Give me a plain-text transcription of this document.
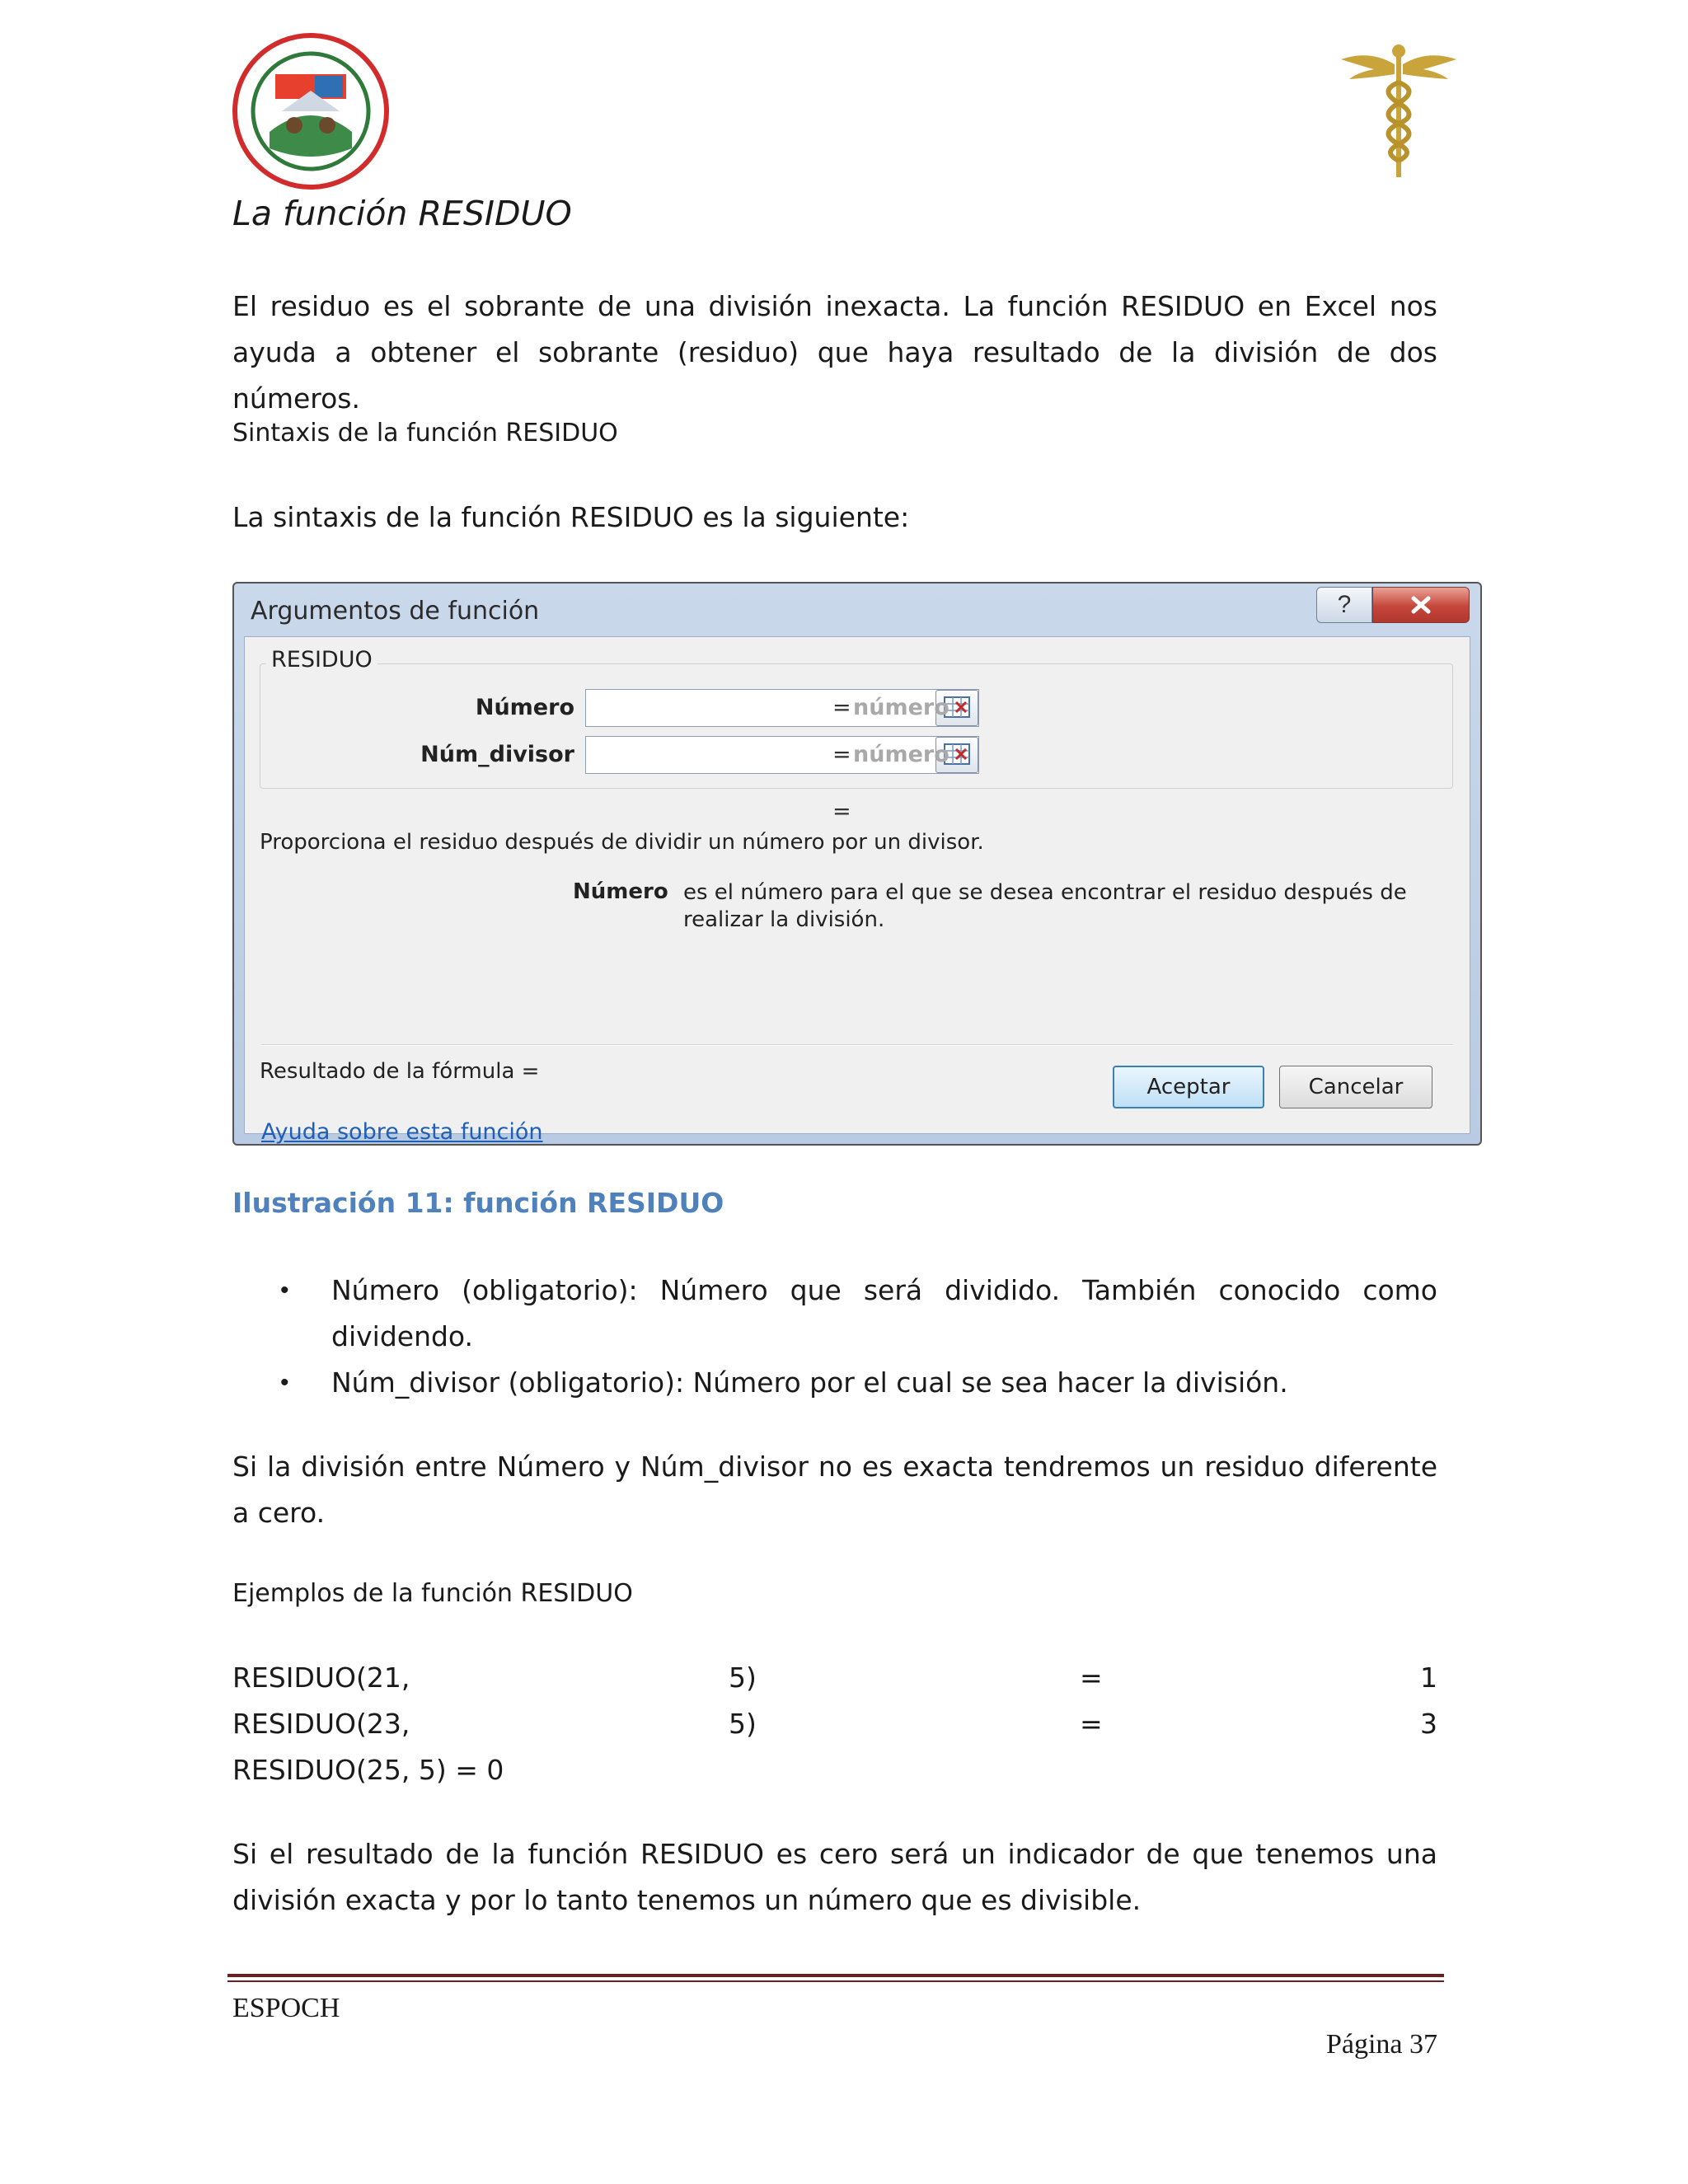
La función RESIDUO
El residuo es el sobrante de una división inexacta. La función RESIDUO en Excel nos ayuda a obtener el sobrante (residuo) que haya resultado de la división de dos números.
Sintaxis de la función RESIDUO
La sintaxis de la función RESIDUO es la siguiente:
Argumentos de función	?
RESIDUO
Número	= número
Núm_divisor	= número
=
Proporciona el residuo después de dividir un número por un divisor.
Número es el número para el que se desea encontrar el residuo después de realizar la división.
Resultado de la fórmula =
Ayuda sobre esta función
Aceptar	Cancelar
Ilustración 11: función RESIDUO
• Número (obligatorio): Número que será dividido. También conocido como dividendo.
• Núm_divisor (obligatorio): Número por el cual se sea hacer la división.
Si la división entre Número y Núm_divisor no es exacta tendremos un residuo diferente a cero.
Ejemplos de la función RESIDUO
RESIDUO(21,	5)	=	1
RESIDUO(23,	5)	=	3
RESIDUO(25, 5) = 0
Si el resultado de la función RESIDUO es cero será un indicador de que tenemos una división exacta y por lo tanto tenemos un número que es divisible.
ESPOCH
Página 37
